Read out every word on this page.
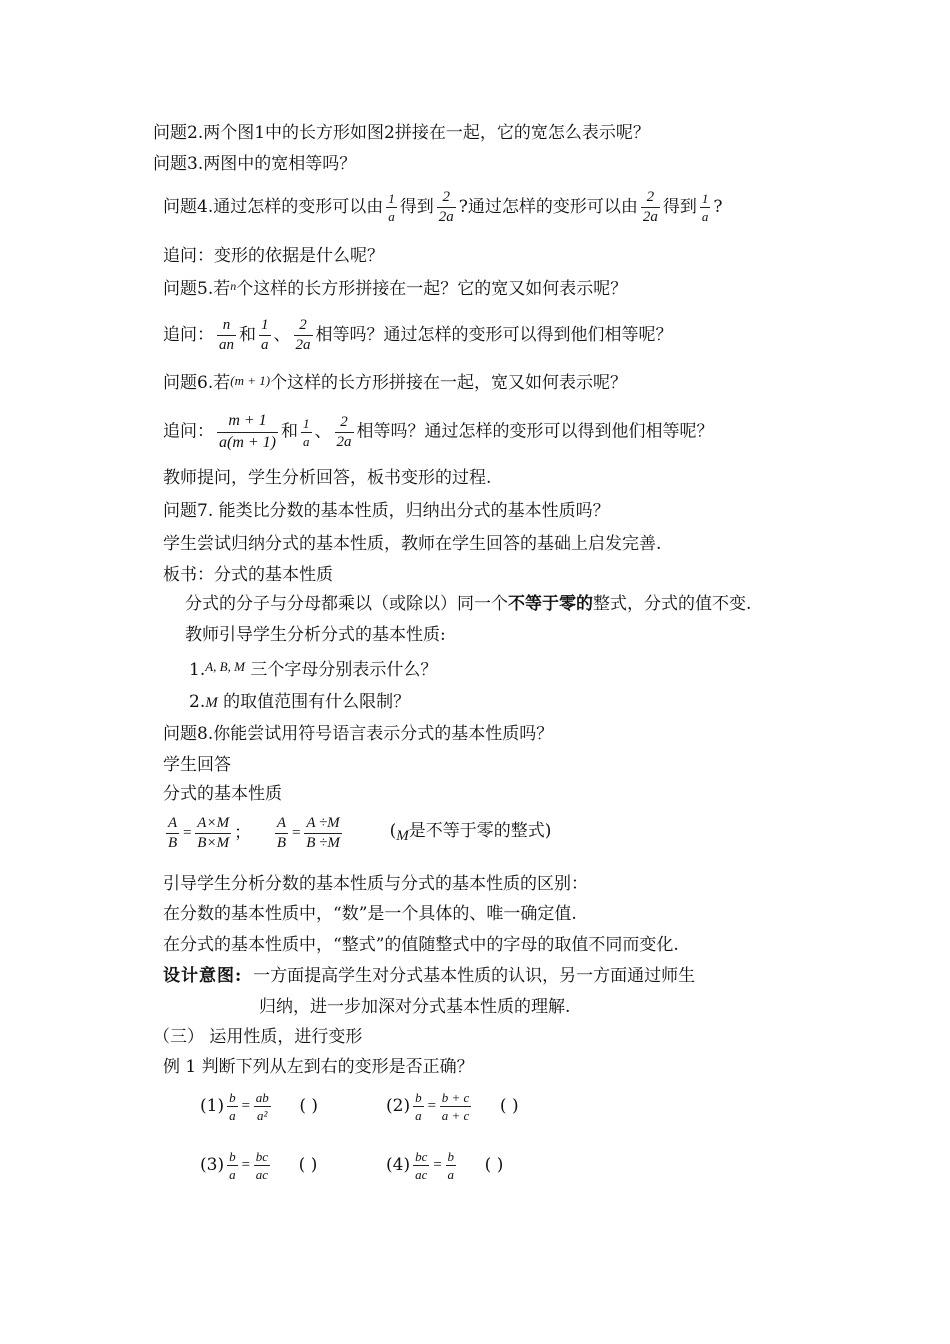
问题2.两个图1中的长方形如图2拼接在一起，它的宽怎么表示呢？
问题3.两图中的宽相等吗？
问题4.通过怎样的变形可以由 $\frac{1}{a}$ 得到 $\frac{2}{2a}$ ?通过怎样的变形可以由 $\frac{2}{2a}$ 得到 $\frac{1}{a}$ ?
追问：变形的依据是什么呢？
问题5.若$^n$个这样的长方形拼接在一起？它的宽又如何表示呢？
追问： $\frac{n}{an}$ 和 $\frac{1}{a}$ 、 $\frac{2}{2a}$ 相等吗？通过怎样的变形可以得到他们相等呢？
问题6.若(m + 1)个这样的长方形拼接在一起，宽又如何表示呢？
追问： $\frac{m + 1}{a(m + 1)}$ 和 $\frac{1}{a}$ 、 $\frac{2}{2a}$ 相等吗？通过怎样的变形可以得到他们相等呢？
教师提问，学生分析回答，板书变形的过程.
问题7. 能类比分数的基本性质，归纳出分式的基本性质吗？
学生尝试归纳分式的基本性质，教师在学生回答的基础上启发完善.
板书：分式的基本性质
分式的分子与分母都乘以（或除以）同一个不等于零的整式，分式的值不变.
教师引导学生分析分式的基本性质:
1.$^{A, B, M}$ 三个字母分别表示什么？
2.M 的取值范围有什么限制？
问题8.你能尝试用符号语言表示分式的基本性质吗？
学生回答
分式的基本性质
$\frac{A}{B} = \frac{A\times M}{B\times M}$ ； $\frac{A}{B} = \frac{A \div M}{B \div M}$	(M是不等于零的整式)
引导学生分析分数的基本性质与分式的基本性质的区别：
在分数的基本性质中，“数”是一个具体的、唯一确定值.
在分式的基本性质中，“整式”的值随整式中的字母的取值不同而变化.
设计意图: 一方面提高学生对分式基本性质的认识，另一方面通过师生
归纳，进一步加深对分式基本性质的理解.
（三） 运用性质，进行变形
例 1 判断下列从左到右的变形是否正确？
$(1) \frac{b}{a} = \frac{ab}{\text{a²}}$ ( )	$(2) \frac{b}{a} = \frac{b + c}{a + c}$ ( )
$(3) \frac{b}{a} = \frac{bc}{ac}$ ( )	$(4) \frac{bc}{ac} = \frac{b}{a}$ ( )
